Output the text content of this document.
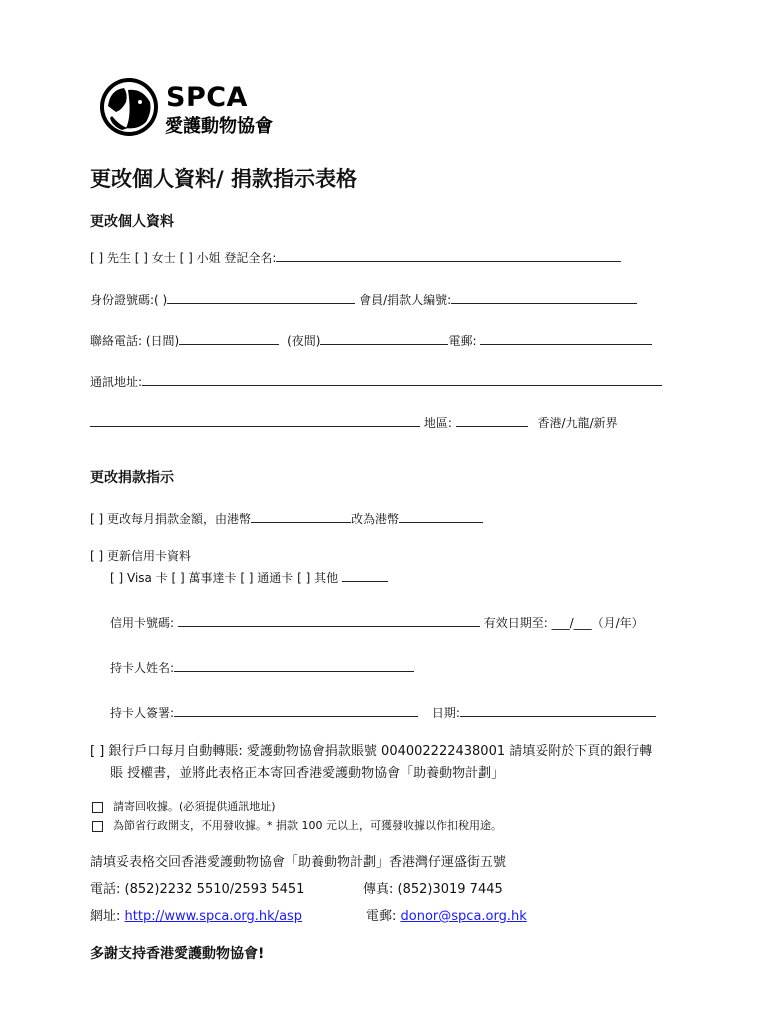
SPCA
愛護動物協會
更改個人資料/ 捐款指示表格
更改個人資料
[ ] 先生 [ ] 女士 [ ] 小姐 登記全名:
身份證號碼:( )	會員/捐款人編號:
聯絡電話: (日間)	(夜間)	電郵:
通訊地址:
地區:	香港/九龍/新界
更改捐款指示
[ ] 更改每月捐款金額，由港幣	改為港幣
[ ] 更新信用卡資料
[ ] Visa 卡 [ ] 萬事達卡 [ ] 通通卡 [ ] 其他
信用卡號碼:	有效日期至: ___/___（月/年）
持卡人姓名:
持卡人簽署:	日期:
[ ] 銀行戶口每月自動轉賬: 愛護動物協會捐款賬號 004002222438001 請填妥附於下頁的銀行轉
賬 授權書，並將此表格正本寄回香港愛護動物協會「助養動物計劃」
請寄回收據。(必須提供通訊地址)
為節省行政開支，不用發收據。* 捐款 100 元以上，可獲發收據以作扣稅用途。
請填妥表格交回香港愛護動物協會「助養動物計劃」香港灣仔運盛街五號
電話: (852)2232 5510/2593 5451	傳真: (852)3019 7445
網址: http://www.spca.org.hk/asp	電郵: donor@spca.org.hk
多謝支持香港愛護動物協會!
